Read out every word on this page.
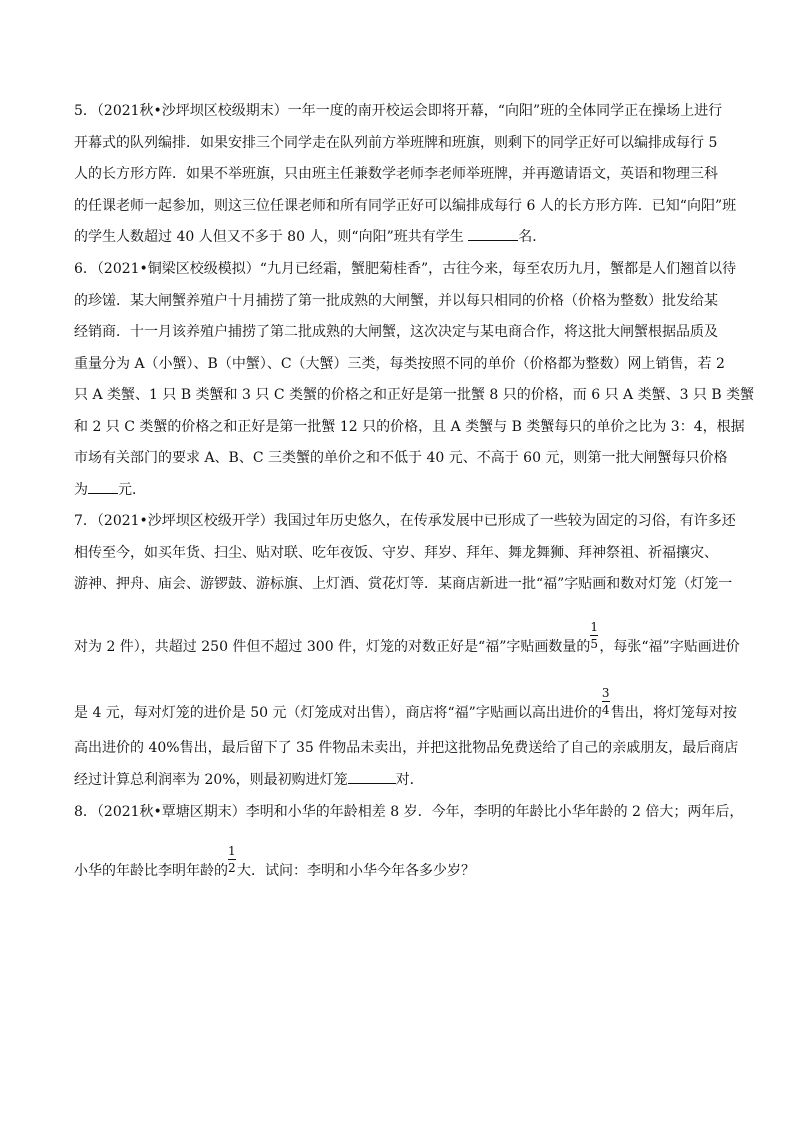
5．（2021秋•沙坪坝区校级期末）一年一度的南开校运会即将开幕，“向阳”班的全体同学正在操场上进行

开幕式的队列编排．如果安排三个同学走在队列前方举班牌和班旗，则剩下的同学正好可以编排成每行 5

人的长方形方阵．如果不举班旗，只由班主任兼数学老师李老师举班牌，并再邀请语文，英语和物理三科

的任课老师一起参加，则这三位任课老师和所有同学正好可以编排成每行 6 人的长方形方阵．已知“向阳”班

的学生人数超过 40 人但又不多于 80 人，则“向阳”班共有学生	名．

6．（2021•铜梁区校级模拟）“九月已经霜，蟹肥菊桂香”，古往今来，每至农历九月，蟹都是人们翘首以待

的珍馐．某大闸蟹养殖户十月捕捞了第一批成熟的大闸蟹，并以每只相同的价格（价格为整数）批发给某

经销商．十一月该养殖户捕捞了第二批成熟的大闸蟹，这次决定与某电商合作，将这批大闸蟹根据品质及

重量分为 A（小蟹）、B（中蟹）、C（大蟹）三类，每类按照不同的单价（价格都为整数）网上销售，若 2

只 A 类蟹、1 只 B 类蟹和 3 只 C 类蟹的价格之和正好是第一批蟹 8 只的价格，而 6 只 A 类蟹、3 只 B 类蟹

和 2 只 C 类蟹的价格之和正好是第一批蟹 12 只的价格，且 A 类蟹与 B 类蟹每只的单价之比为 3：4，根据

市场有关部门的要求 A、B、C 三类蟹的单价之和不低于 40 元、不高于 60 元，则第一批大闸蟹每只价格

为 元．

7．（2021•沙坪坝区校级开学）我国过年历史悠久，在传承发展中已形成了一些较为固定的习俗，有许多还

相传至今，如买年货、扫尘、贴对联、吃年夜饭、守岁、拜岁、拜年、舞龙舞狮、拜神祭祖、祈福攘灾、

游神、押舟、庙会、游锣鼓、游标旗、上灯酒、赏花灯等．某商店新进一批“福”字贴画和数对灯笼（灯笼一

对为 2 件），共超过 250 件但不超过 300 件，灯笼的对数正好是“福”字贴画数量的 $\frac{1}{5}$ ，每张“福”字贴画进价

是 4 元，每对灯笼的进价是 50 元（灯笼成对出售），商店将“福”字贴画以高出进价的 $\frac{3}{4}$ 售出，将灯笼每对按

高出进价的 40%售出，最后留下了 35 件物品未卖出，并把这批物品免费送给了自己的亲戚朋友，最后商店

经过计算总利润率为 20%，则最初购进灯笼	对．

8．（2021秋•覃塘区期末）李明和小华的年龄相差 8 岁．今年，李明的年龄比小华年龄的 2 倍大；两年后，

小华的年龄比李明年龄的 $\frac{1}{2}$ 大．试问：李明和小华今年各多少岁？
